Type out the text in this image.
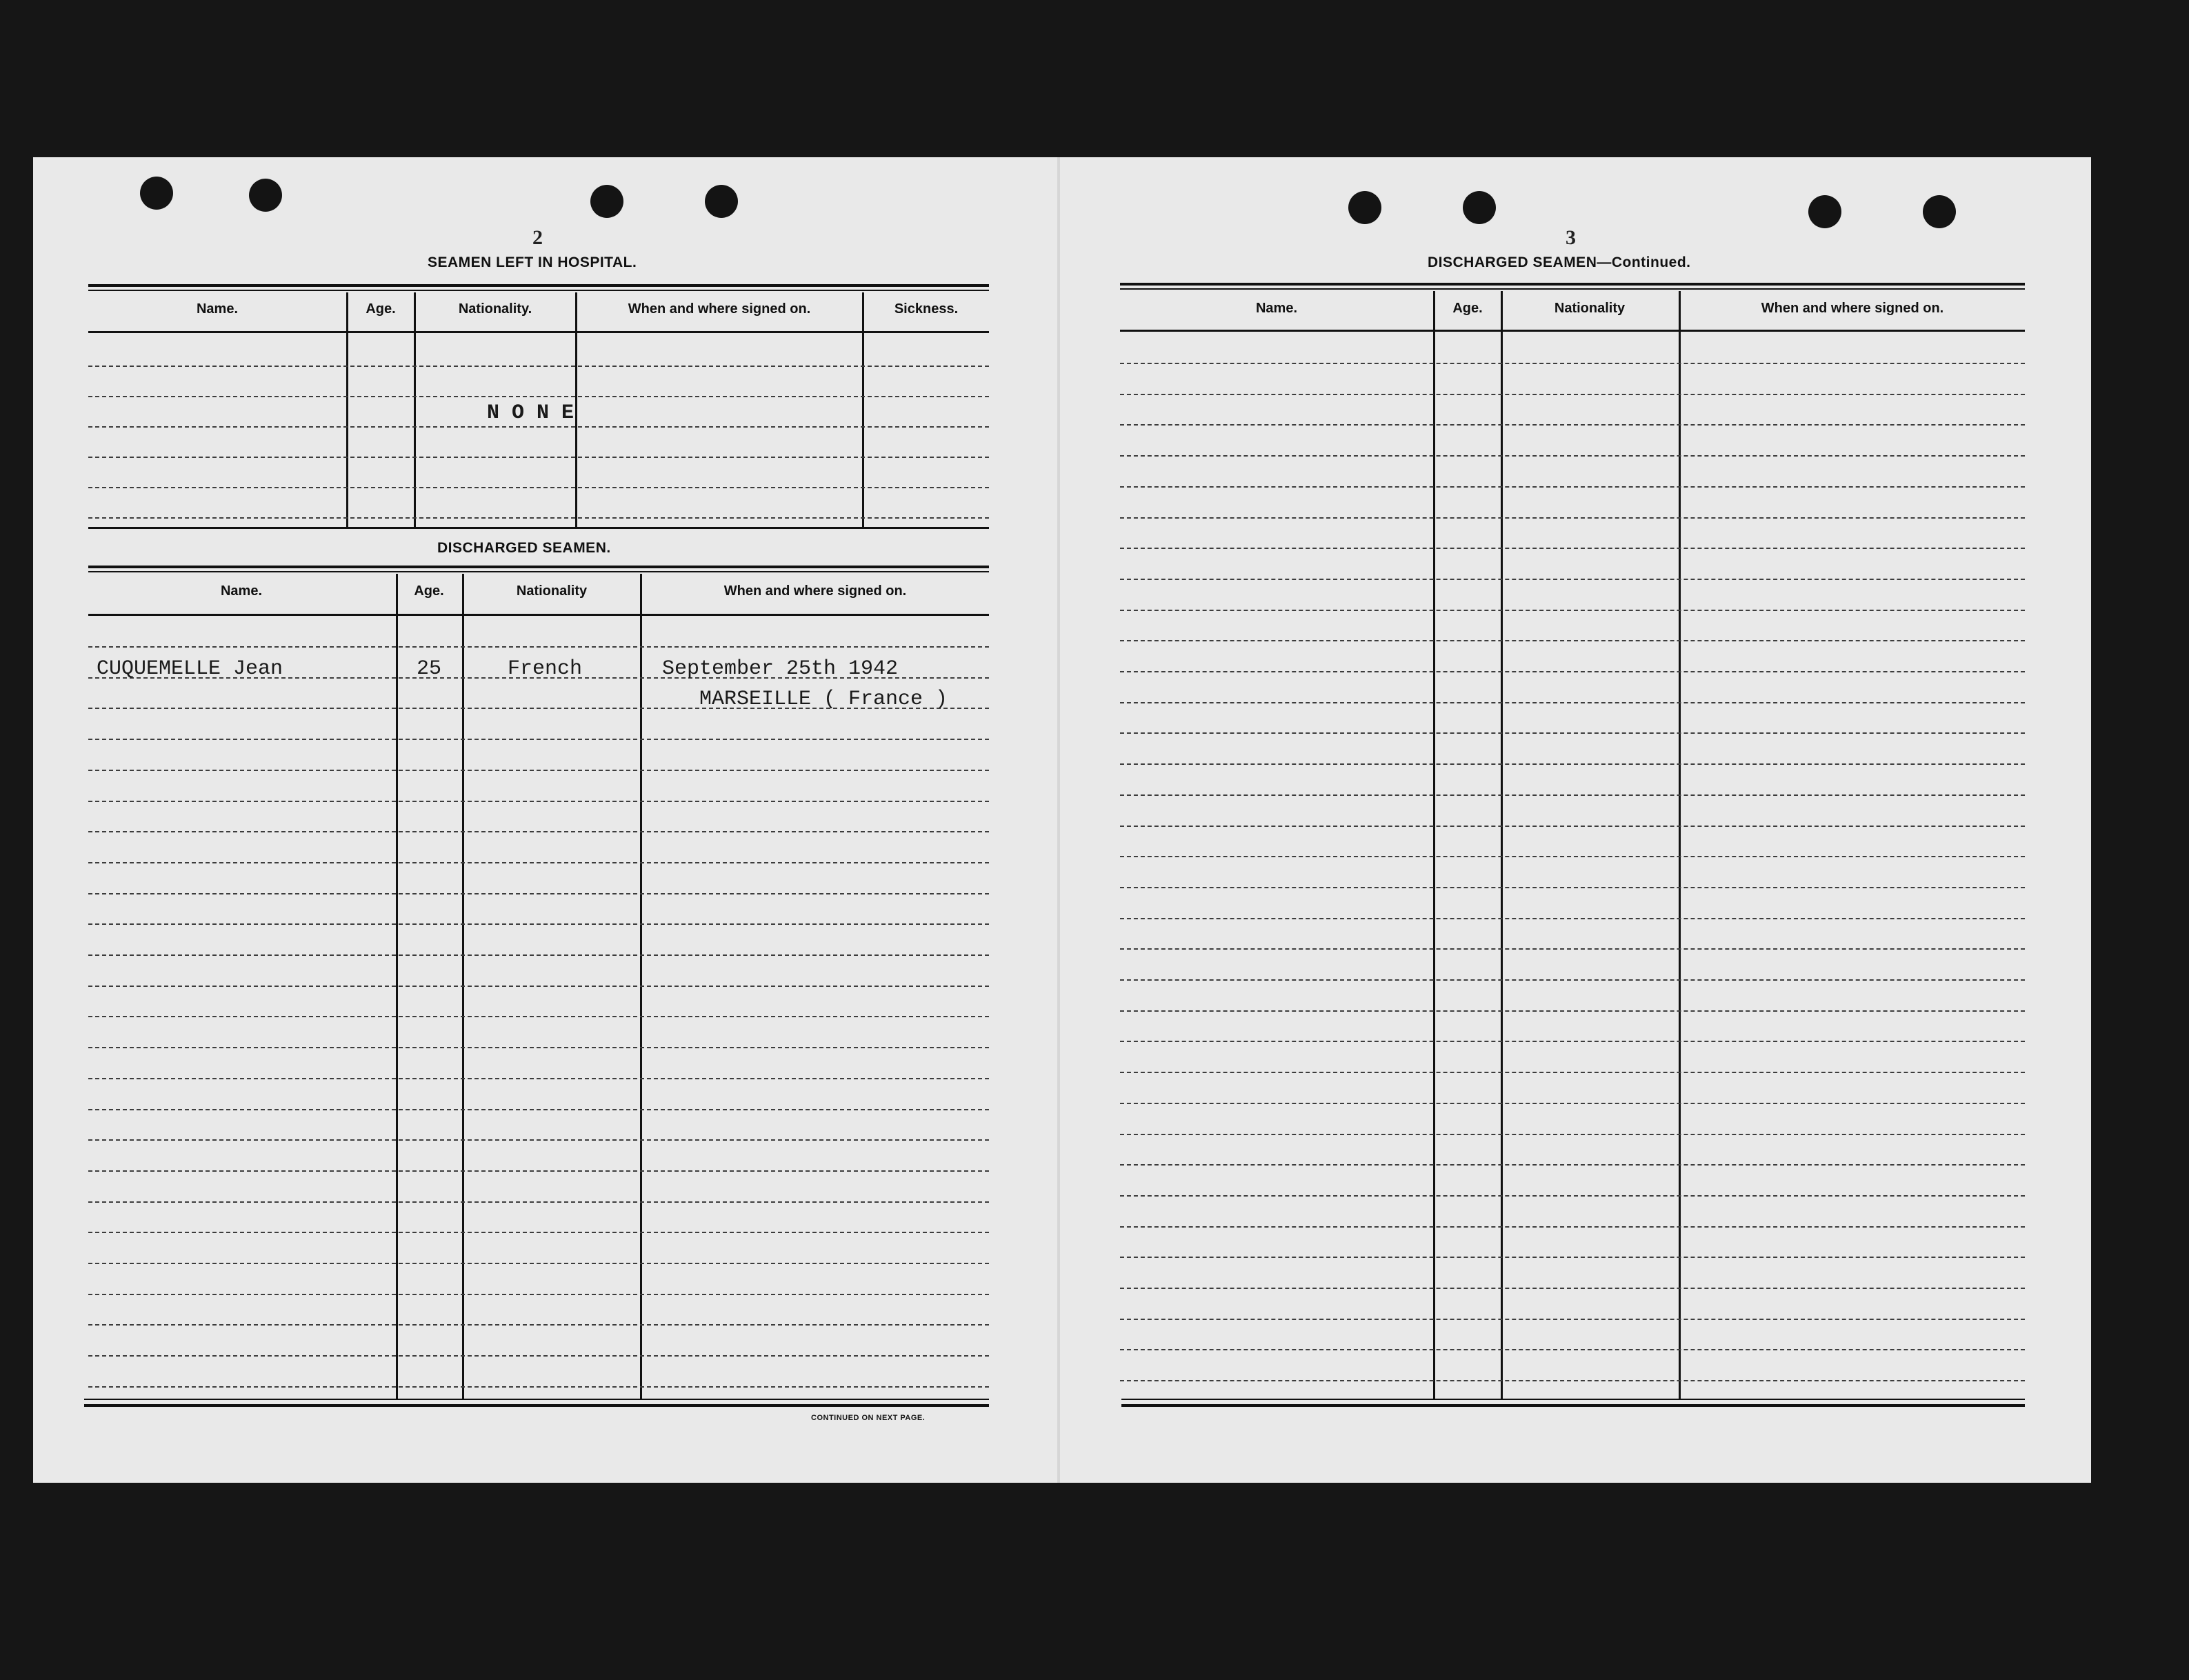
2
SEAMEN LEFT IN HOSPITAL.
Name.	Age.	Nationality.	When and where signed on.	Sickness.
N O N E
DISCHARGED SEAMEN.
Name.	Age.	Nationality	When and where signed on.
CUQUEMELLE Jean	25	French	September 25th 1942
MARSEILLE ( France )
CONTINUED ON NEXT PAGE.
3
DISCHARGED SEAMEN—Continued.
Name.	Age.	Nationality	When and where signed on.
